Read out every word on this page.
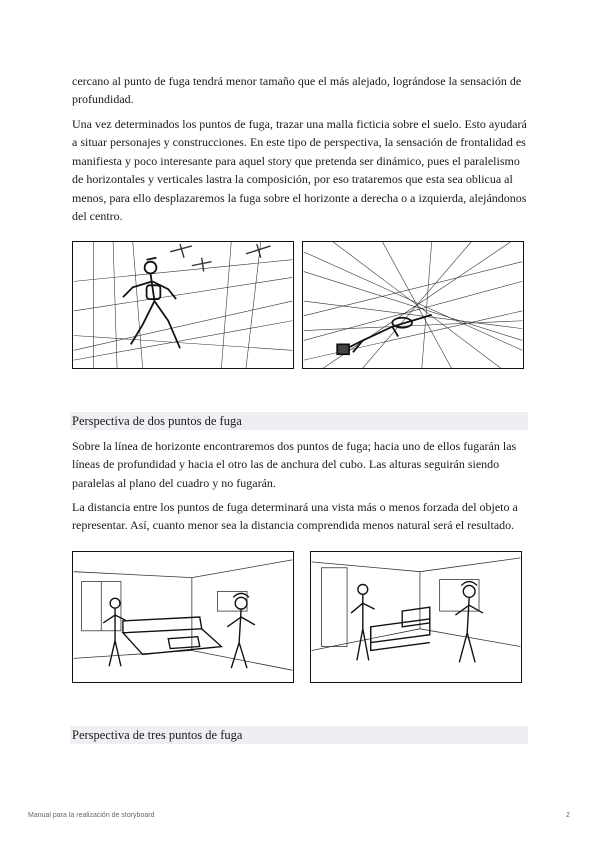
cercano al punto de fuga tendrá menor tamaño que el más alejado, lográndose la sensación de profundidad.

Una vez determinados los puntos de fuga, trazar una malla ficticia sobre el suelo. Esto ayudará a situar personajes y construcciones. En este tipo de perspectiva, la sensación de frontalidad es manifiesta y poco interesante para aquel story que pretenda ser dinámico, pues el paralelismo de horizontales y verticales lastra la composición, por eso trataremos que esta sea oblicua al menos, para ello desplazaremos la fuga sobre el horizonte a derecha o a izquierda, alejándonos del centro.

Perspectiva de dos puntos de fuga

Sobre la línea de horizonte encontraremos dos puntos de fuga; hacia uno de ellos fugarán las líneas de profundidad y hacia el otro las de anchura del cubo. Las alturas seguirán siendo paralelas al plano del cuadro y no fugarán.

La distancia entre los puntos de fuga determinará una vista más o menos forzada del objeto a representar. Así, cuanto menor sea la distancia comprendida menos natural será el resultado.

Perspectiva de tres puntos de fuga
Manual para la realización de storyboard	2
